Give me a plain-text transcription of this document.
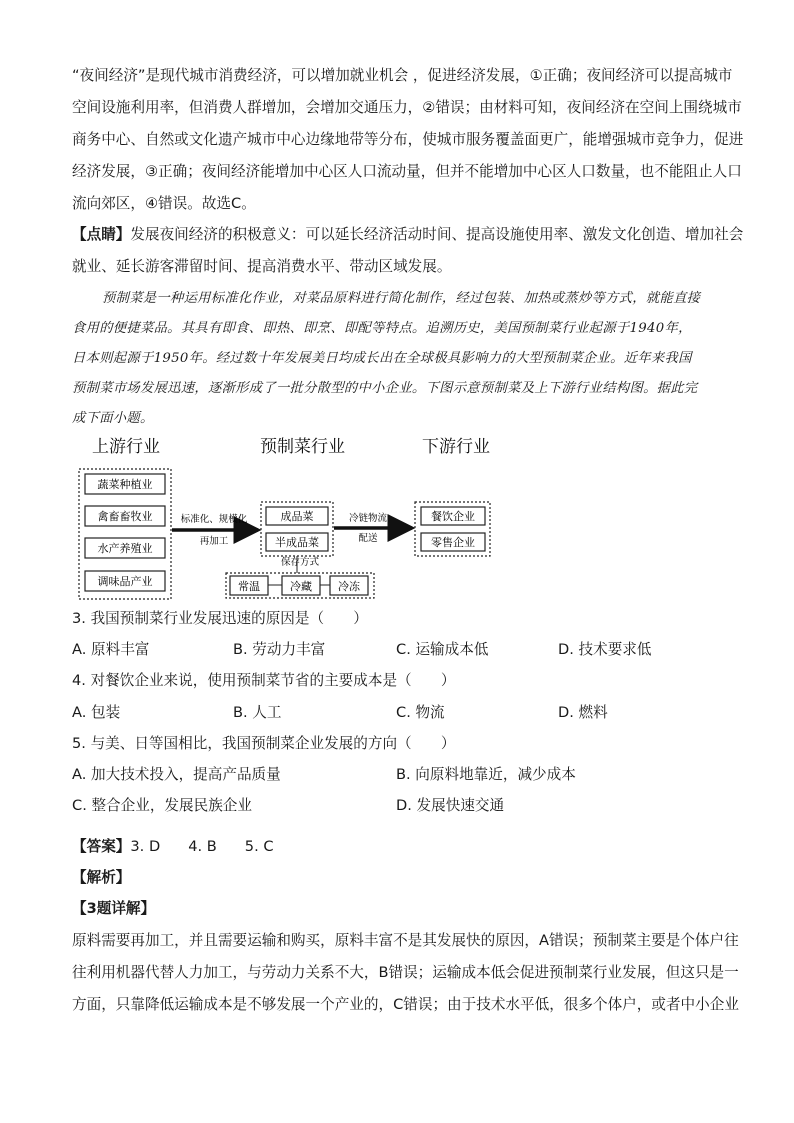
“夜间经济”是现代城市消费经济，可以增加就业机会 ，促进经济发展，①正确；夜间经济可以提高城市
空间设施利用率，但消费人群增加，会增加交通压力，②错误；由材料可知，夜间经济在空间上围绕城市
商务中心、自然或文化遗产城市中心边缘地带等分布，使城市服务覆盖面更广，能增强城市竞争力，促进
经济发展，③正确；夜间经济能增加中心区人口流动量，但并不能增加中心区人口数量，也不能阻止人口
流向郊区，④错误。故选C。
【点睛】发展夜间经济的积极意义：可以延长经济活动时间、提高设施使用率、激发文化创造、增加社会
就业、延长游客滞留时间、提高消费水平、带动区域发展。
预制菜是一种运用标准化作业，对菜品原料进行简化制作，经过包装、加热或蒸炒等方式，就能直接
食用的便捷菜品。其具有即食、即热、即烹、即配等特点。追溯历史，美国预制菜行业起源于1940年，
日本则起源于1950年。经过数十年发展美日均成长出在全球极具影响力的大型预制菜企业。近年来我国
预制菜市场发展迅速，逐渐形成了一批分散型的中小企业。下图示意预制菜及上下游行业结构图。据此完
成下面小题。
上游行业	预制菜行业	下游行业
蔬菜种植业
禽畜畜牧业
水产养殖业
调味品产业
标准化、规模化
再加工
成品菜
半成品菜
保存方式
常温	冷藏 冷冻
冷链物流
配送
餐饮企业
零售企业
3. 我国预制菜行业发展迅速的原因是（　　）
A. 原料丰富	B. 劳动力丰富	C. 运输成本低	D. 技术要求低
4. 对餐饮企业来说，使用预制菜节省的主要成本是（　　）
A. 包装	B. 人工	C. 物流	D. 燃料
5. 与美、日等国相比，我国预制菜企业发展的方向（　　）
A. 加大技术投入，提高产品质量	B. 向原料地靠近，减少成本
C. 整合企业，发展民族企业	D. 发展快速交通
【答案】3. D 4. B 5. C
【解析】
【3题详解】
原料需要再加工，并且需要运输和购买，原料丰富不是其发展快的原因，A错误；预制菜主要是个体户往
往利用机器代替人力加工，与劳动力关系不大，B错误；运输成本低会促进预制菜行业发展，但这只是一
方面，只靠降低运输成本是不够发展一个产业的，C错误；由于技术水平低，很多个体户，或者中小企业
